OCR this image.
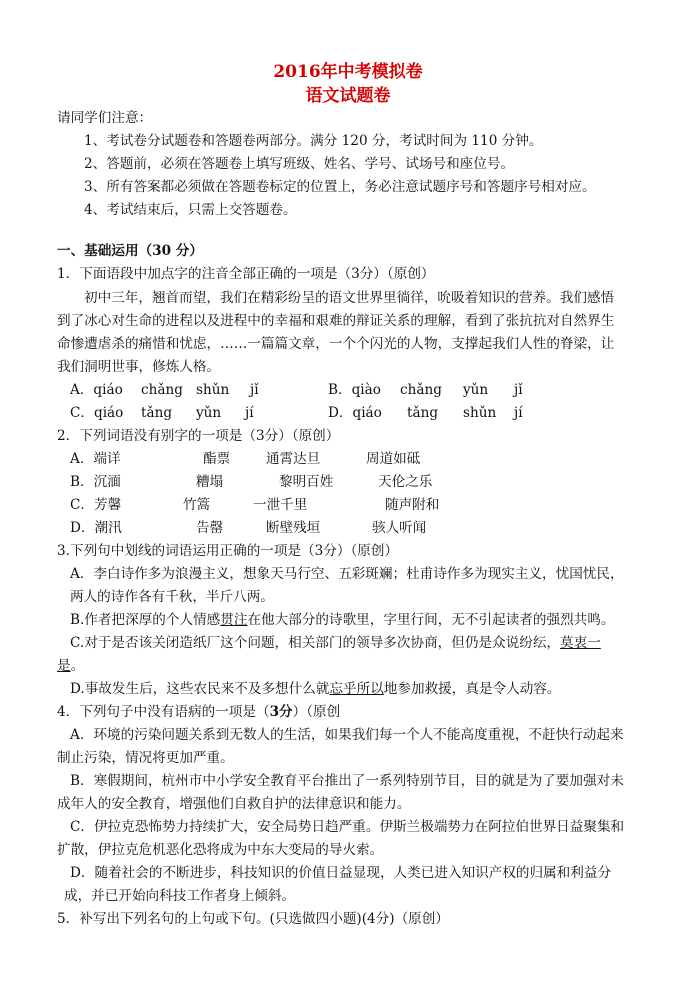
2016年中考模拟卷
语文试题卷
请同学们注意：
1、考试卷分试题卷和答题卷两部分。满分 120 分，考试时间为 110 分钟。
2、答题前，必须在答题卷上填写班级、姓名、学号、试场号和座位号。
3、所有答案都必须做在答题卷标定的位置上，务必注意试题序号和答题序号相对应。
4、考试结束后，只需上交答题卷。
一、基础运用（30 分）
1．下面语段中加点字的注音全部正确的一项是（3分）（原创）
初中三年，翘首而望，我们在精彩纷呈的语文世界里徜徉，吮吸着知识的营养。我们感悟
到了冰心对生命的进程以及进程中的幸福和艰难的辩证关系的理解，看到了张抗抗对自然界生
命惨遭虐杀的痛惜和忧虑，……一篇篇文章，一个个闪光的人物，支撑起我们人性的脊梁，让
我们洞明世事，修炼人格。
A．qiáo chǎng shǔn jǐ	B．qiào chǎng yǔn jǐ
C．qiáo tǎng yǔn jí	D．qiáo tǎng shǔn jí
2．下列词语没有别字的一项是（3分）（原创）
A．端详	酯票	通霄达旦	周道如砥
B．沉湎	糟塌	黎明百姓	天伦之乐
C．芳馨	竹篙	一泄千里	随声附和
D．潮汛	告罄	断壁残垣	骇人听闻
3.下列句中划线的词语运用正确的一项是（3分）（原创）
A．李白诗作多为浪漫主义，想象天马行空、五彩斑斓；杜甫诗作多为现实主义，忧国忧民，
两人的诗作各有千秋，半斤八两。
B.作者把深厚的个人情感贯注在他大部分的诗歌里，字里行间，无不引起读者的强烈共鸣。
C.对于是否该关闭造纸厂这个问题，相关部门的领导多次协商，但仍是众说纷纭，莫衷一
是。
D.事故发生后，这些农民来不及多想什么就忘乎所以地参加救援，真是令人动容。
4．下列句子中没有语病的一项是（3分）（原创
A．环境的污染问题关系到无数人的生活，如果我们每一个人不能高度重视，不赶快行动起来
制止污染，情况将更加严重。
B．寒假期间，杭州市中小学安全教育平台推出了一系列特别节目，目的就是为了要加强对未
成年人的安全教育，增强他们自救自护的法律意识和能力。
C．伊拉克恐怖势力持续扩大，安全局势日趋严重。伊斯兰极端势力在阿拉伯世界日益聚集和
扩散，伊拉克危机恶化恐将成为中东大变局的导火索。
D．随着社会的不断进步，科技知识的价值日益显现，人类已进入知识产权的归属和利益分
成，并已开始向科技工作者身上倾斜。
5．补写出下列名句的上句或下句。(只选做四小题)(4分)（原创）
